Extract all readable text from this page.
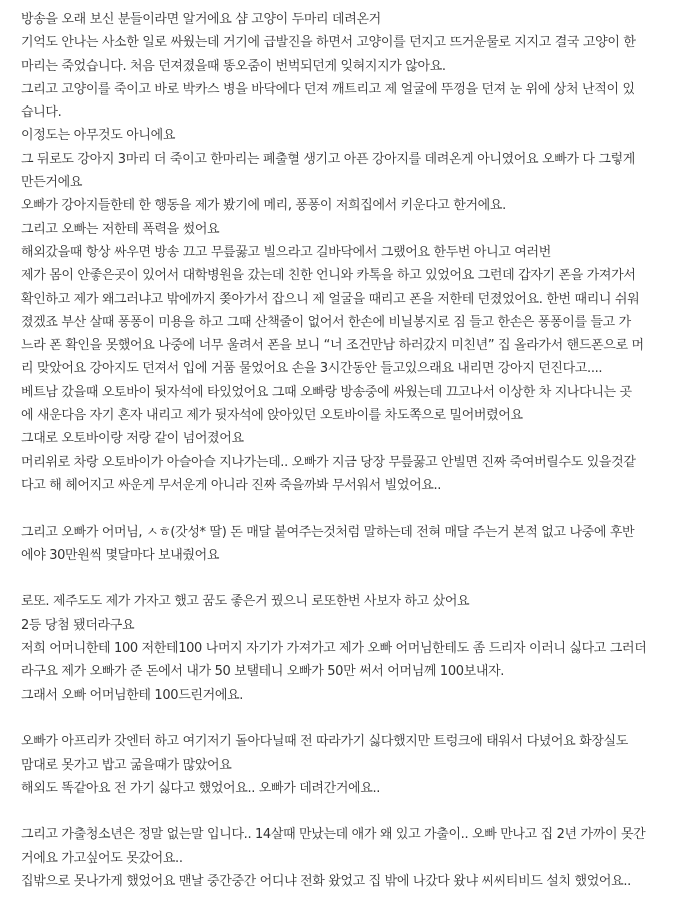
방송을 오래 보신 분들이라면 알거에요 샴 고양이 두마리 데려온거
기억도 안나는 사소한 일로 싸웠는데 거기에 급발진을 하면서 고양이를 던지고 뜨거운물로 지지고 결국 고양이 한
마리는 죽었습니다. 처음 던져졌을때 똥오줌이 번벅되던게 잊혀지지가 않아요.
그리고 고양이를 죽이고 바로 박카스 병을 바닥에다 던져 깨트리고 제 얼굴에 뚜껑을 던져 눈 위에 상처 난적이 있
습니다.
이정도는 아무것도 아니에요
그 뒤로도 강아지 3마리 더 죽이고 한마리는 폐출혈 생기고 아픈 강아지를 데려온게 아니였어요 오빠가 다 그렇게
만든거에요
오빠가 강아지들한테 한 행동을 제가 봤기에 메리, 퐁퐁이 저희집에서 키운다고 한거에요.
그리고 오빠는 저한테 폭력을 썼어요
해외갔을때 항상 싸우면 방송 끄고 무릎꿇고 빌으라고 길바닥에서 그랬어요 한두번 아니고 여러번
제가 몸이 안좋은곳이 있어서 대학병원을 갔는데 친한 언니와 카톡을 하고 있었어요 그런데 갑자기 폰을 가져가서
확인하고 제가 왜그러냐고 밖에까지 쫒아가서 잡으니 제 얼굴을 때리고 폰을 저한테 던졌었어요. 한번 때리니 쉬워
졌겠죠 부산 살때 퐁퐁이 미용을 하고 그때 산책줄이 없어서 한손에 비닐봉지로 짐 들고 한손은 퐁퐁이를 들고 가
느라 폰 확인을 못했어요 나중에 너무 울려서 폰을 보니 “너 조건만남 하러갔지 미친년” 집 올라가서 핸드폰으로 머
리 맞았어요 강아지도 던져서 입에 거품 물었어요 손을 3시간동안 들고있으래요 내리면 강아지 던진다고....
베트남 갔을때 오토바이 뒷자석에 타있었어요 그때 오빠랑 방송중에 싸웠는데 끄고나서 이상한 차 지나다니는 곳
에 새운다음 자기 혼자 내리고 제가 뒷자석에 앉아있던 오토바이를 차도쪽으로 밀어버렸어요
그대로 오토바이랑 저랑 같이 넘어졌어요
머리위로 차랑 오토바이가 아슬아슬 지나가는데.. 오빠가 지금 당장 무릎꿇고 안빌면 진짜 죽여버릴수도 있을것같
다고 해 헤어지고 싸운게 무서운게 아니라 진짜 죽을까봐 무서워서 빌었어요..
그리고 오빠가 어머님, ㅅㅎ(갓성* 딸) 돈 매달 붙여주는것처럼 말하는데 전혀 매달 주는거 본적 없고 나중에 후반
에야 30만원씩 몇달마다 보내줬어요
로또. 제주도도 제가 가자고 했고 꿈도 좋은거 꿨으니 로또한번 사보자 하고 샀어요
2등 당첨 됐더라구요
저희 어머니한테 100 저한테100 나머지 자기가 가져가고 제가 오빠 어머님한테도 좀 드리자 이러니 싫다고 그러더
라구요 제가 오빠가 준 돈에서 내가 50 보탤테니 오빠가 50만 써서 어머님께 100보내자.
그래서 오빠 어머님한테 100드린거에요.
오빠가 아프리카 갓엔터 하고 여기저기 돌아다닐때 전 따라가기 싫다했지만 트렁크에 태워서 다녔어요 화장실도
맘대로 못가고 밥고 굶을때가 많았어요
해외도 똑같아요 전 가기 싫다고 했었어요.. 오빠가 데려간거에요..
그리고 가출청소년은 정말 없는말 입니다.. 14살때 만났는데 애가 왜 있고 가출이.. 오빠 만나고 집 2년 가까이 못간
거에요 가고싶어도 못갔어요..
집밖으로 못나가게 했었어요 맨날 중간중간 어디냐 전화 왔었고 집 밖에 나갔다 왔냐 씨씨티비드 설치 했었어요..
